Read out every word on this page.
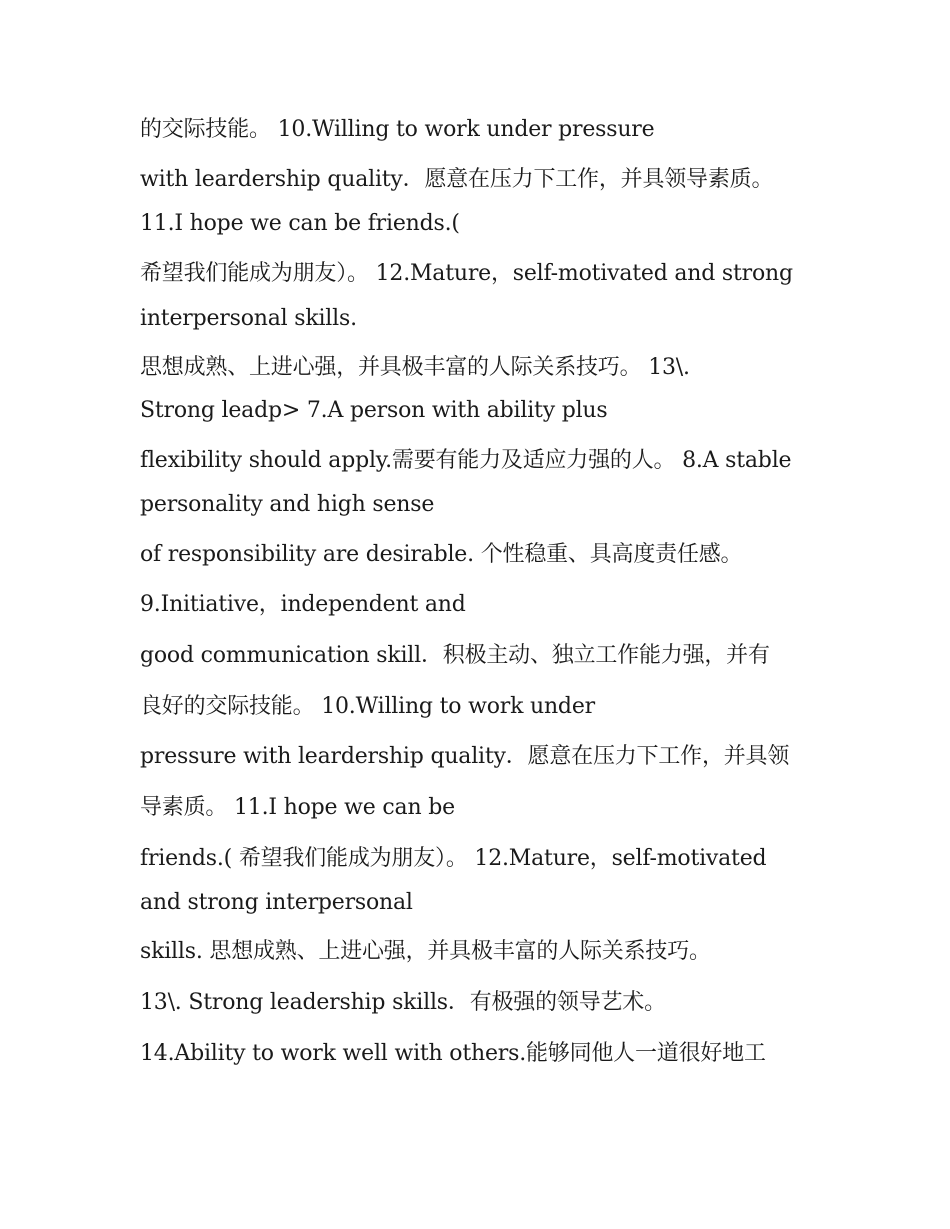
的交际技能。 10.Willing to work under pressure
with leardership quality．愿意在压力下工作，并具领导素质。
11.I hope we can be friends.(
希望我们能成为朋友）。 12.Mature，self-motivated and strong
interpersonal skills.
思想成熟、上进心强，并具极丰富的人际关系技巧。 13\.
Strong leadp> 7.A person with ability plus
flexibility should apply.需要有能力及适应力强的人。 8.A stable
personality and high sense
of responsibility are desirable. 个性稳重、具高度责任感。
9.Initiative，independent and
good communication skill．积极主动、独立工作能力强，并有
良好的交际技能。 10.Willing to work under
pressure with leardership quality．愿意在压力下工作，并具领
导素质。 11.I hope we can be
friends.( 希望我们能成为朋友）。 12.Mature，self-motivated
and strong interpersonal
skills. 思想成熟、上进心强，并具极丰富的人际关系技巧。
13\. Strong leadership skills．有极强的领导艺术。
14.Ability to work well with others.能够同他人一道很好地工
